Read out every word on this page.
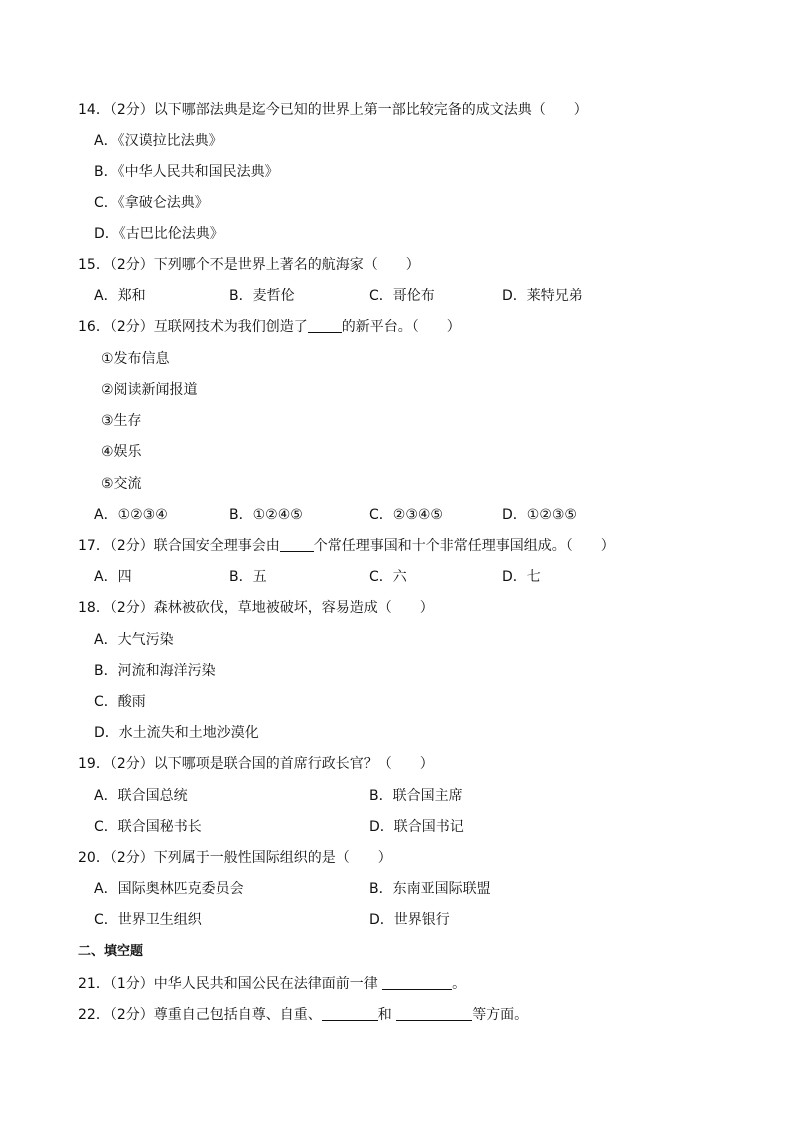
14．（2分）以下哪部法典是迄今已知的世界上第一部比较完备的成文法典（　　）
A．《汉谟拉比法典》
B．《中华人民共和国民法典》
C．《拿破仑法典》
D．《古巴比伦法典》
15．（2分）下列哪个不是世界上著名的航海家（　　）
A．郑和	B．麦哲伦	C．哥伦布	D．莱特兄弟
16．（2分）互联网技术为我们创造了 的新平台。（　　）
①发布信息
②阅读新闻报道
③生存
④娱乐
⑤交流
A．①②③④	B．①②④⑤	C．②③④⑤	D．①②③⑤
17．（2分）联合国安全理事会由 个常任理事国和十个非常任理事国组成。（　　）
A．四	B．五	C．六	D．七
18．（2分）森林被砍伐，草地被破坏，容易造成（　　）
A．大气污染
B．河流和海洋污染
C．酸雨
D．水土流失和土地沙漠化
19．（2分）以下哪项是联合国的首席行政长官？（　　）
A．联合国总统	B．联合国主席
C．联合国秘书长	D．联合国书记
20．（2分）下列属于一般性国际组织的是（　　）
A．国际奥林匹克委员会	B．东南亚国际联盟
C．世界卫生组织	D．世界银行
二、填空题
21．（1分）中华人民共和国公民在法律面前一律	。
22．（2分）尊重自己包括自尊、自重、	和	等方面。
